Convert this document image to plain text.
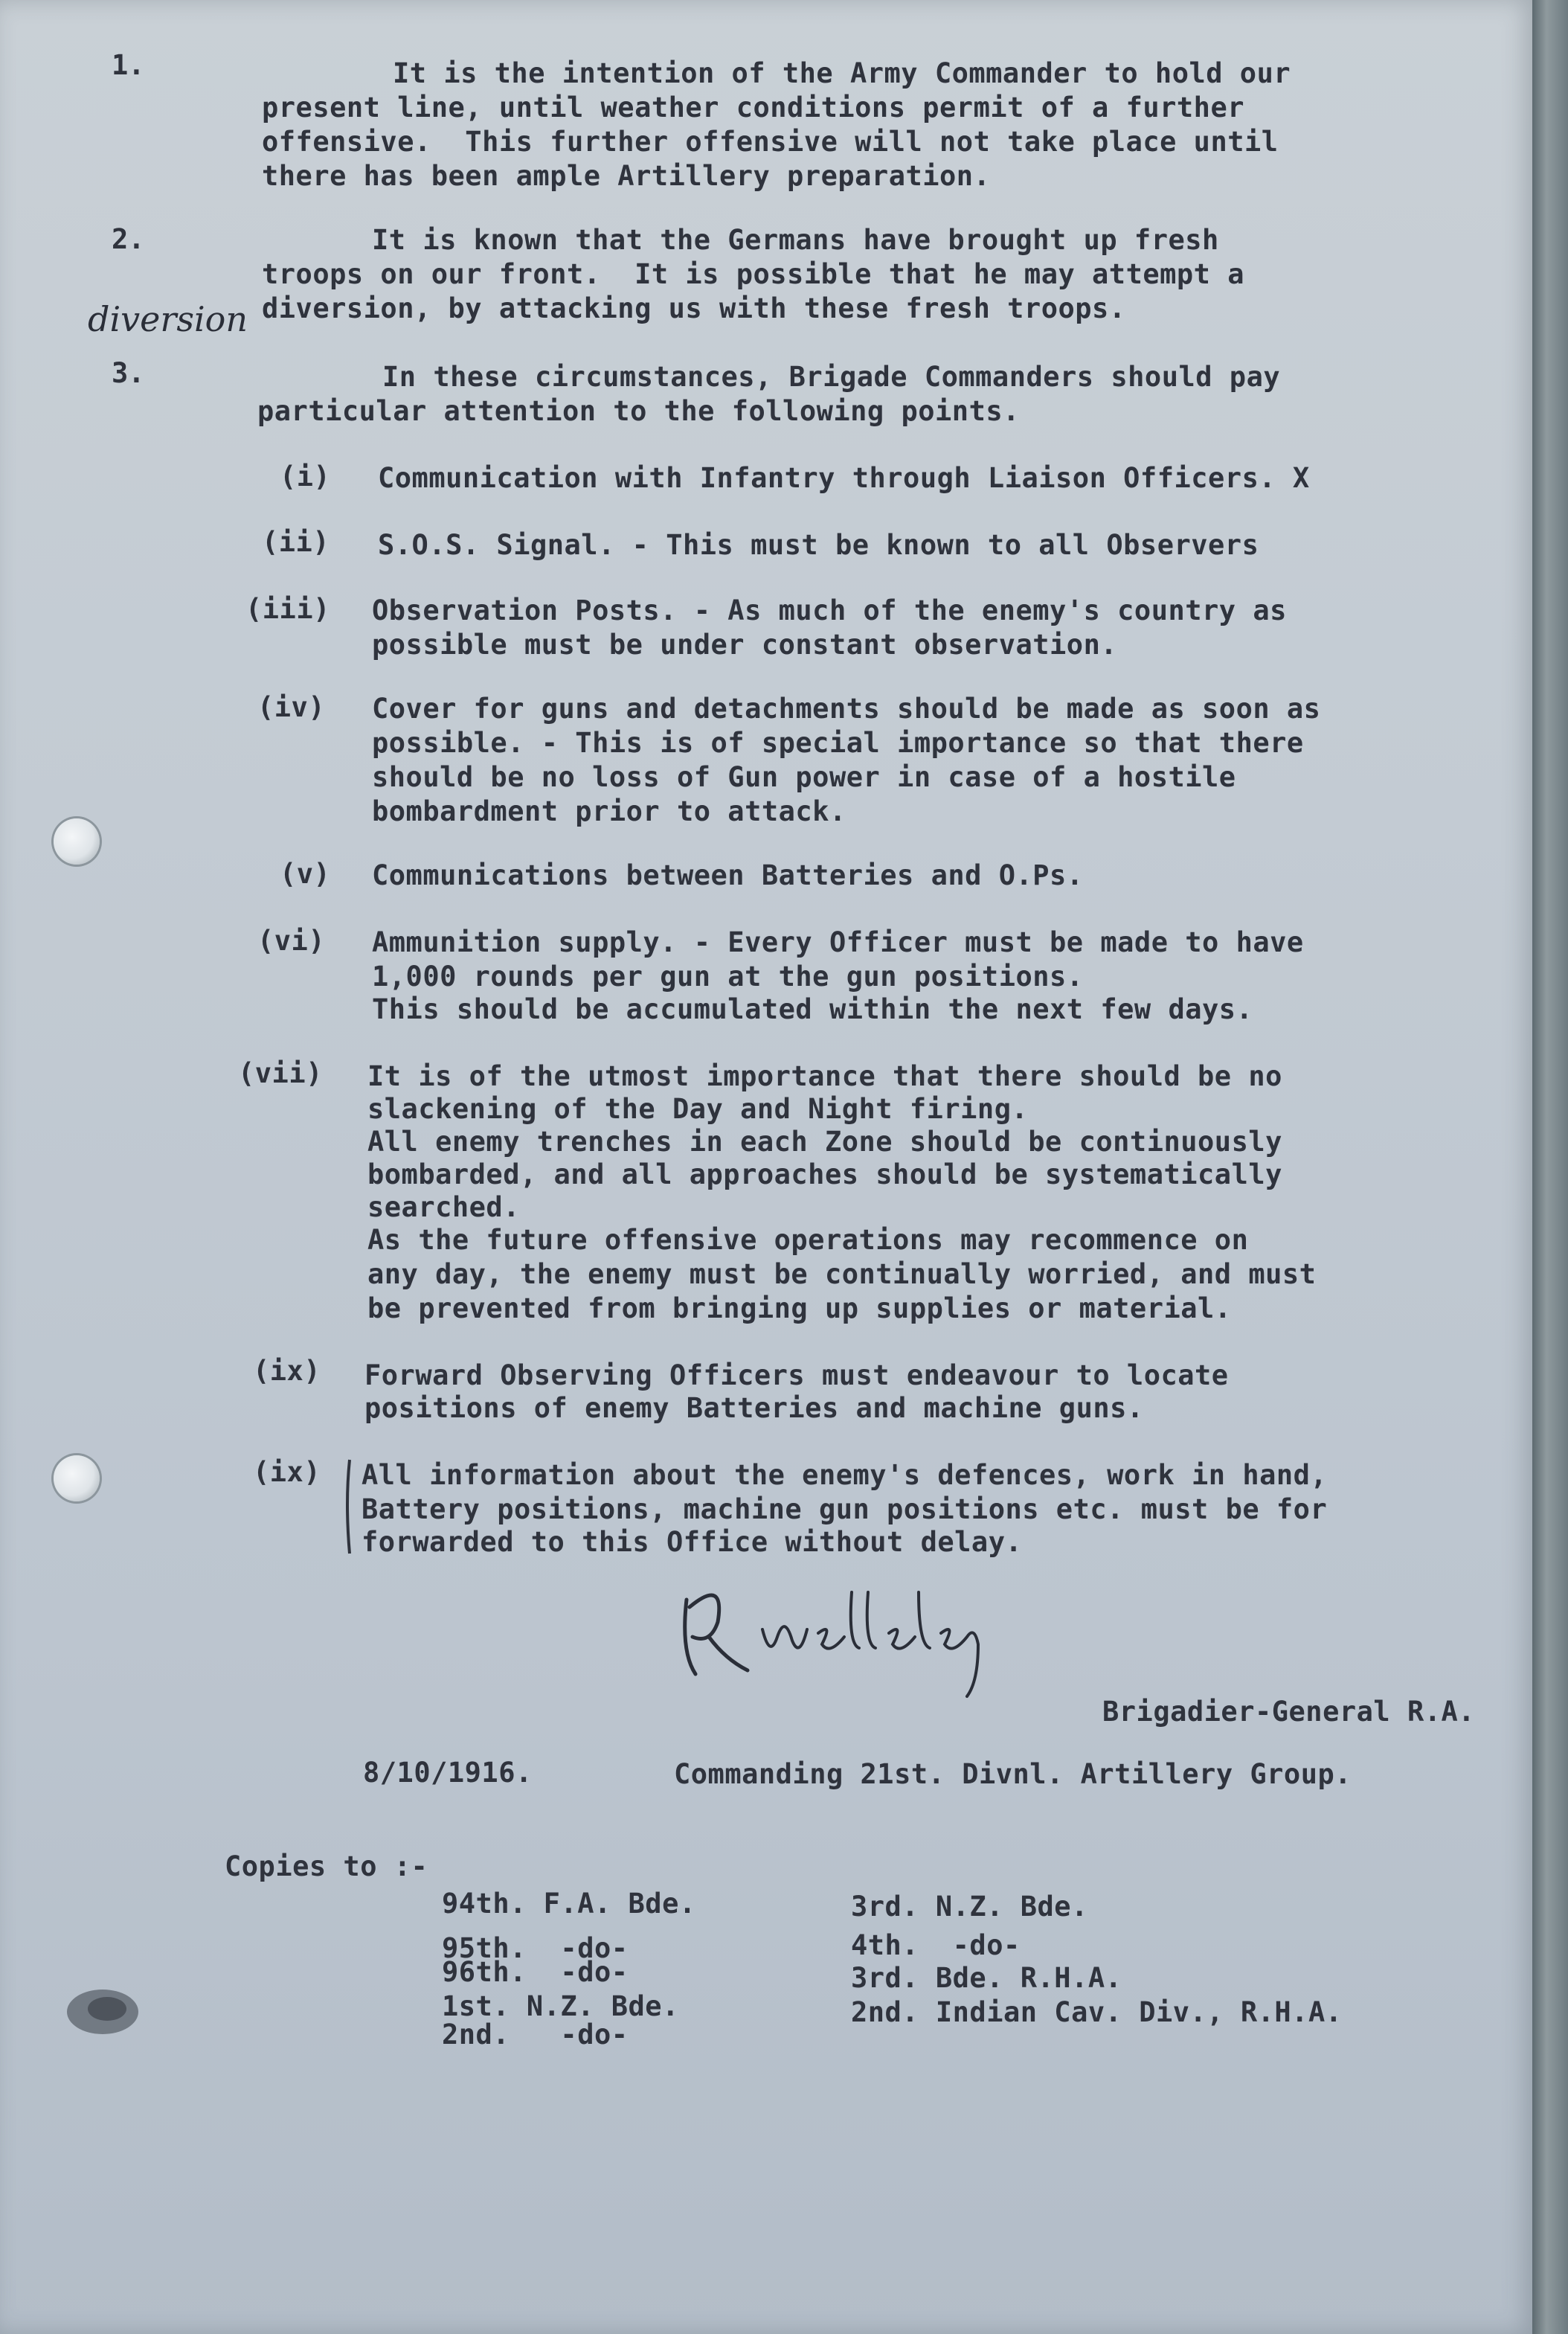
1.	It is the intention of the Army Commander to hold our
present line, until weather conditions permit of a further
offensive.  This further offensive will not take place until
there has been ample Artillery preparation.
2.	It is known that the Germans have brought up fresh
troops on our front.  It is possible that he may attempt a
diversion, by attacking us with these fresh troops.
diversion
3.	In these circumstances, Brigade Commanders should pay
particular attention to the following points.
(i) Communication with Infantry through Liaison Officers. X
(ii) S.O.S. Signal. - This must be known to all Observers
(iii) Observation Posts. - As much of the enemy's country as
possible must be under constant observation.
(iv) Cover for guns and detachments should be made as soon as
possible. - This is of special importance so that there
should be no loss of Gun power in case of a hostile
bombardment prior to attack.
(v) Communications between Batteries and O.Ps.
(vi) Ammunition supply. - Every Officer must be made to have
1,000 rounds per gun at the gun positions.
This should be accumulated within the next few days.
(vii) It is of the utmost importance that there should be no
slackening of the Day and Night firing.
All enemy trenches in each Zone should be continuously
bombarded, and all approaches should be systematically
searched.
As the future offensive operations may recommence on
any day, the enemy must be continually worried, and must
be prevented from bringing up supplies or material.
(ix) Forward Observing Officers must endeavour to locate
positions of enemy Batteries and machine guns.
(ix) All information about the enemy's defences, work in hand,
Battery positions, machine gun positions etc. must be for
forwarded to this Office without delay.
Brigadier-General R.A.
8/10/1916.	Commanding 21st. Divnl. Artillery Group.
Copies to :-
94th. F.A. Bde.
95th.  -do-
96th.  -do-
1st. N.Z. Bde.
2nd.   -do-
3rd. N.Z. Bde.
4th.  -do-
3rd. Bde. R.H.A.
2nd. Indian Cav. Div., R.H.A.
